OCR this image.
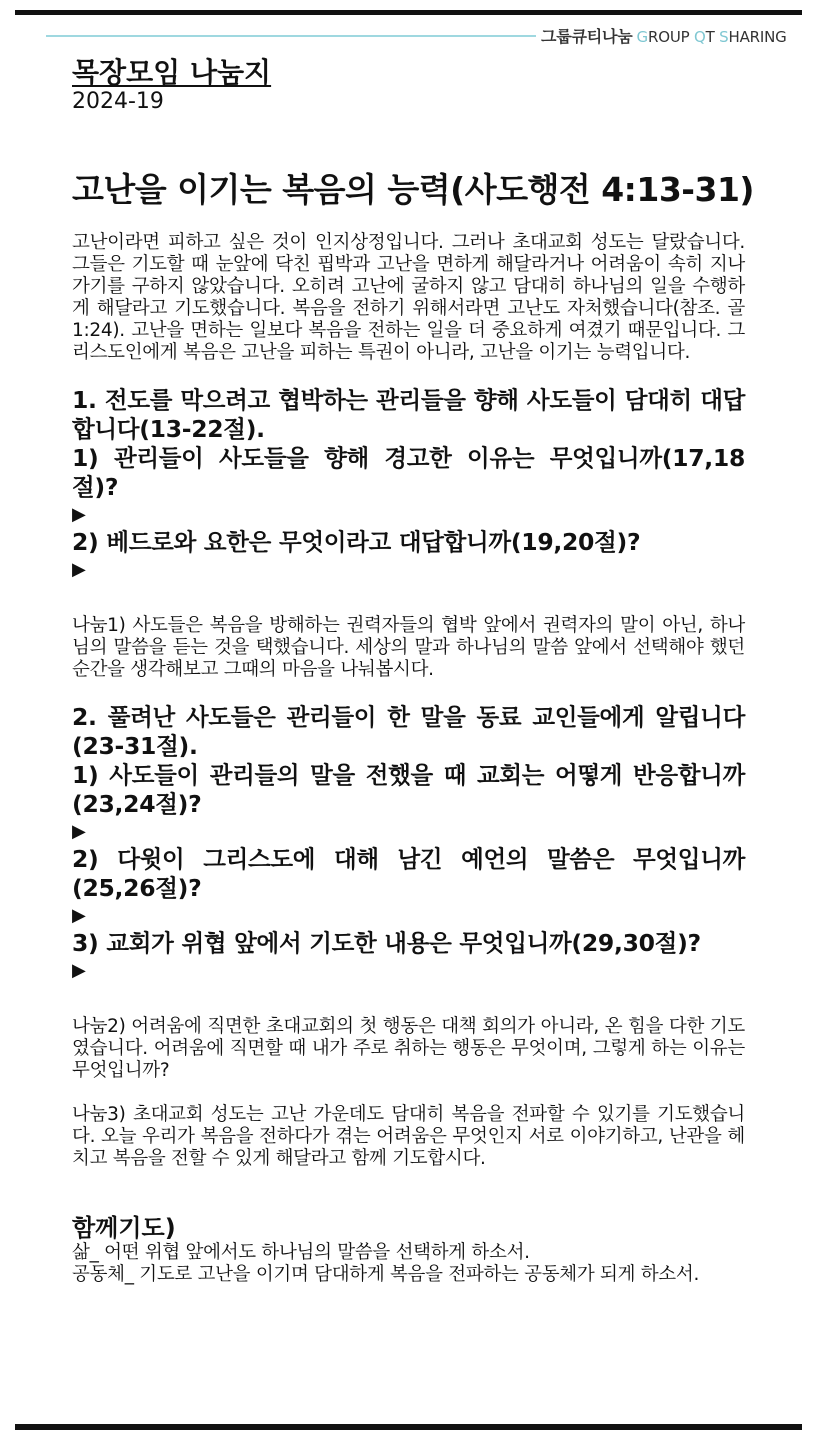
그룹큐티나눔 GROUP QT SHARING
목장모임 나눔지

2024-19

고난을 이기는 복음의 능력(사도행전 4:13-31)

고난이라면 피하고 싶은 것이 인지상정입니다. 그러나 초대교회 성도는 달랐습니다. 그들은 기도할 때 눈앞에 닥친 핍박과 고난을 면하게 해달라거나 어려움이 속히 지나가기를 구하지 않았습니다. 오히려 고난에 굴하지 않고 담대히 하나님의 일을 수행하게 해달라고 기도했습니다. 복음을 전하기 위해서라면 고난도 자처했습니다(참조. 골 1:24). 고난을 면하는 일보다 복음을 전하는 일을 더 중요하게 여겼기 때문입니다. 그리스도인에게 복음은 고난을 피하는 특권이 아니라, 고난을 이기는 능력입니다.

1. 전도를 막으려고 협박하는 관리들을 향해 사도들이 담대히 대답합니다(13-22절).

1) 관리들이 사도들을 향해 경고한 이유는 무엇입니까(17,18절)?

▶

2) 베드로와 요한은 무엇이라고 대답합니까(19,20절)?

▶

나눔1) 사도들은 복음을 방해하는 권력자들의 협박 앞에서 권력자의 말이 아닌, 하나님의 말씀을 듣는 것을 택했습니다. 세상의 말과 하나님의 말씀 앞에서 선택해야 했던 순간을 생각해보고 그때의 마음을 나눠봅시다.

2. 풀려난 사도들은 관리들이 한 말을 동료 교인들에게 알립니다(23-31절).

1) 사도들이 관리들의 말을 전했을 때 교회는 어떻게 반응합니까(23,24절)?

▶

2) 다윗이 그리스도에 대해 남긴 예언의 말씀은 무엇입니까(25,26절)?

▶

3) 교회가 위협 앞에서 기도한 내용은 무엇입니까(29,30절)?

▶

나눔2) 어려움에 직면한 초대교회의 첫 행동은 대책 회의가 아니라, 온 힘을 다한 기도였습니다. 어려움에 직면할 때 내가 주로 취하는 행동은 무엇이며, 그렇게 하는 이유는 무엇입니까?

나눔3) 초대교회 성도는 고난 가운데도 담대히 복음을 전파할 수 있기를 기도했습니다. 오늘 우리가 복음을 전하다가 겪는 어려움은 무엇인지 서로 이야기하고, 난관을 헤치고 복음을 전할 수 있게 해달라고 함께 기도합시다.

함께기도)

삶_ 어떤 위협 앞에서도 하나님의 말씀을 선택하게 하소서.

공동체_ 기도로 고난을 이기며 담대하게 복음을 전파하는 공동체가 되게 하소서.
